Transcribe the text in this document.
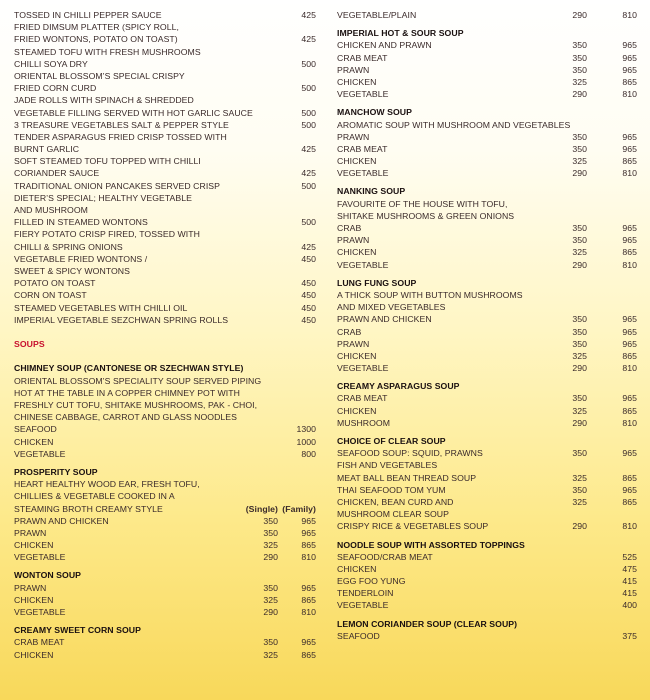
TOSSED IN CHILLI PEPPER SAUCE	425
FRIED DIMSUM PLATTER (SPICY ROLL,
FRIED WONTONS, POTATO ON TOAST)	425
STEAMED TOFU WITH FRESH MUSHROOMS
CHILLI SOYA DRY	500
ORIENTAL BLOSSOM’S SPECIAL CRISPY
FRIED CORN CURD	500
JADE ROLLS WITH SPINACH & SHREDDED
VEGETABLE FILLING SERVED WITH HOT GARLIC SAUCE	500
3 TREASURE VEGETABLES SALT & PEPPER STYLE	500
TENDER ASPARAGUS FRIED CRISP TOSSED WITH
BURNT GARLIC	425
SOFT STEAMED TOFU TOPPED WITH CHILLI
CORIANDER SAUCE	425
TRADITIONAL ONION PANCAKES SERVED CRISP	500
DIETER’S SPECIAL; HEALTHY VEGETABLE
AND MUSHROOM
FILLED IN STEAMED WONTONS	500
FIERY POTATO CRISP FIRED, TOSSED WITH
CHILLI & SPRING ONIONS	425
VEGETABLE FRIED WONTONS /	450
SWEET & SPICY WONTONS
POTATO ON TOAST	450
CORN ON TOAST	450
STEAMED VEGETABLES WITH CHILLI OIL	450
IMPERIAL VEGETABLE SEZCHWAN SPRING ROLLS	450
SOUPS
CHIMNEY SOUP (CANTONESE OR SZECHWAN STYLE)
ORIENTAL BLOSSOM’S SPECIALITY SOUP SERVED PIPING
HOT AT THE TABLE IN A COPPER CHIMNEY POT WITH
FRESHLY CUT TOFU, SHITAKE MUSHROOMS, PAK - CHOI,
CHINESE CABBAGE, CARROT AND GLASS NOODLES
SEAFOOD	1300
CHICKEN	1000
VEGETABLE	800
PROSPERITY SOUP
HEART HEALTHY WOOD EAR, FRESH TOFU,
CHILLIES & VEGETABLE COOKED IN A
STEAMING BROTH CREAMY STYLE	(Single) (Family)
PRAWN AND CHICKEN	350	965
PRAWN	350	965
CHICKEN	325	865
VEGETABLE	290	810
WONTON SOUP
PRAWN	350	965
CHICKEN	325	865
VEGETABLE	290	810
CREAMY SWEET CORN SOUP
CRAB MEAT	350	965
CHICKEN	325	865
VEGETABLE/PLAIN	290	810
IMPERIAL HOT & SOUR SOUP
CHICKEN AND PRAWN	350	965
CRAB MEAT	350	965
PRAWN	350	965
CHICKEN	325	865
VEGETABLE	290	810
MANCHOW SOUP
AROMATIC SOUP WITH MUSHROOM AND VEGETABLES
PRAWN	350	965
CRAB MEAT	350	965
CHICKEN	325	865
VEGETABLE	290	810
NANKING SOUP
FAVOURITE OF THE HOUSE WITH TOFU,
SHITAKE MUSHROOMS & GREEN ONIONS
CRAB	350	965
PRAWN	350	965
CHICKEN	325	865
VEGETABLE	290	810
LUNG FUNG SOUP
A THICK SOUP WITH BUTTON MUSHROOMS
AND MIXED VEGETABLES
PRAWN AND CHICKEN	350	965
CRAB	350	965
PRAWN	350	965
CHICKEN	325	865
VEGETABLE	290	810
CREAMY ASPARAGUS SOUP
CRAB MEAT	350	965
CHICKEN	325	865
MUSHROOM	290	810
CHOICE OF CLEAR SOUP
SEAFOOD SOUP: SQUID, PRAWNS	350	965
FISH AND VEGETABLES
MEAT BALL BEAN THREAD SOUP	325	865
THAI SEAFOOD TOM YUM	350	965
CHICKEN, BEAN CURD AND	325	865
MUSHROOM CLEAR SOUP
CRISPY RICE & VEGETABLES SOUP	290	810
NOODLE SOUP WITH ASSORTED TOPPINGS
SEAFOOD/CRAB MEAT	525
CHICKEN	475
EGG FOO YUNG	415
TENDERLOIN	415
VEGETABLE	400
LEMON CORIANDER SOUP (CLEAR SOUP)
SEAFOOD	375
